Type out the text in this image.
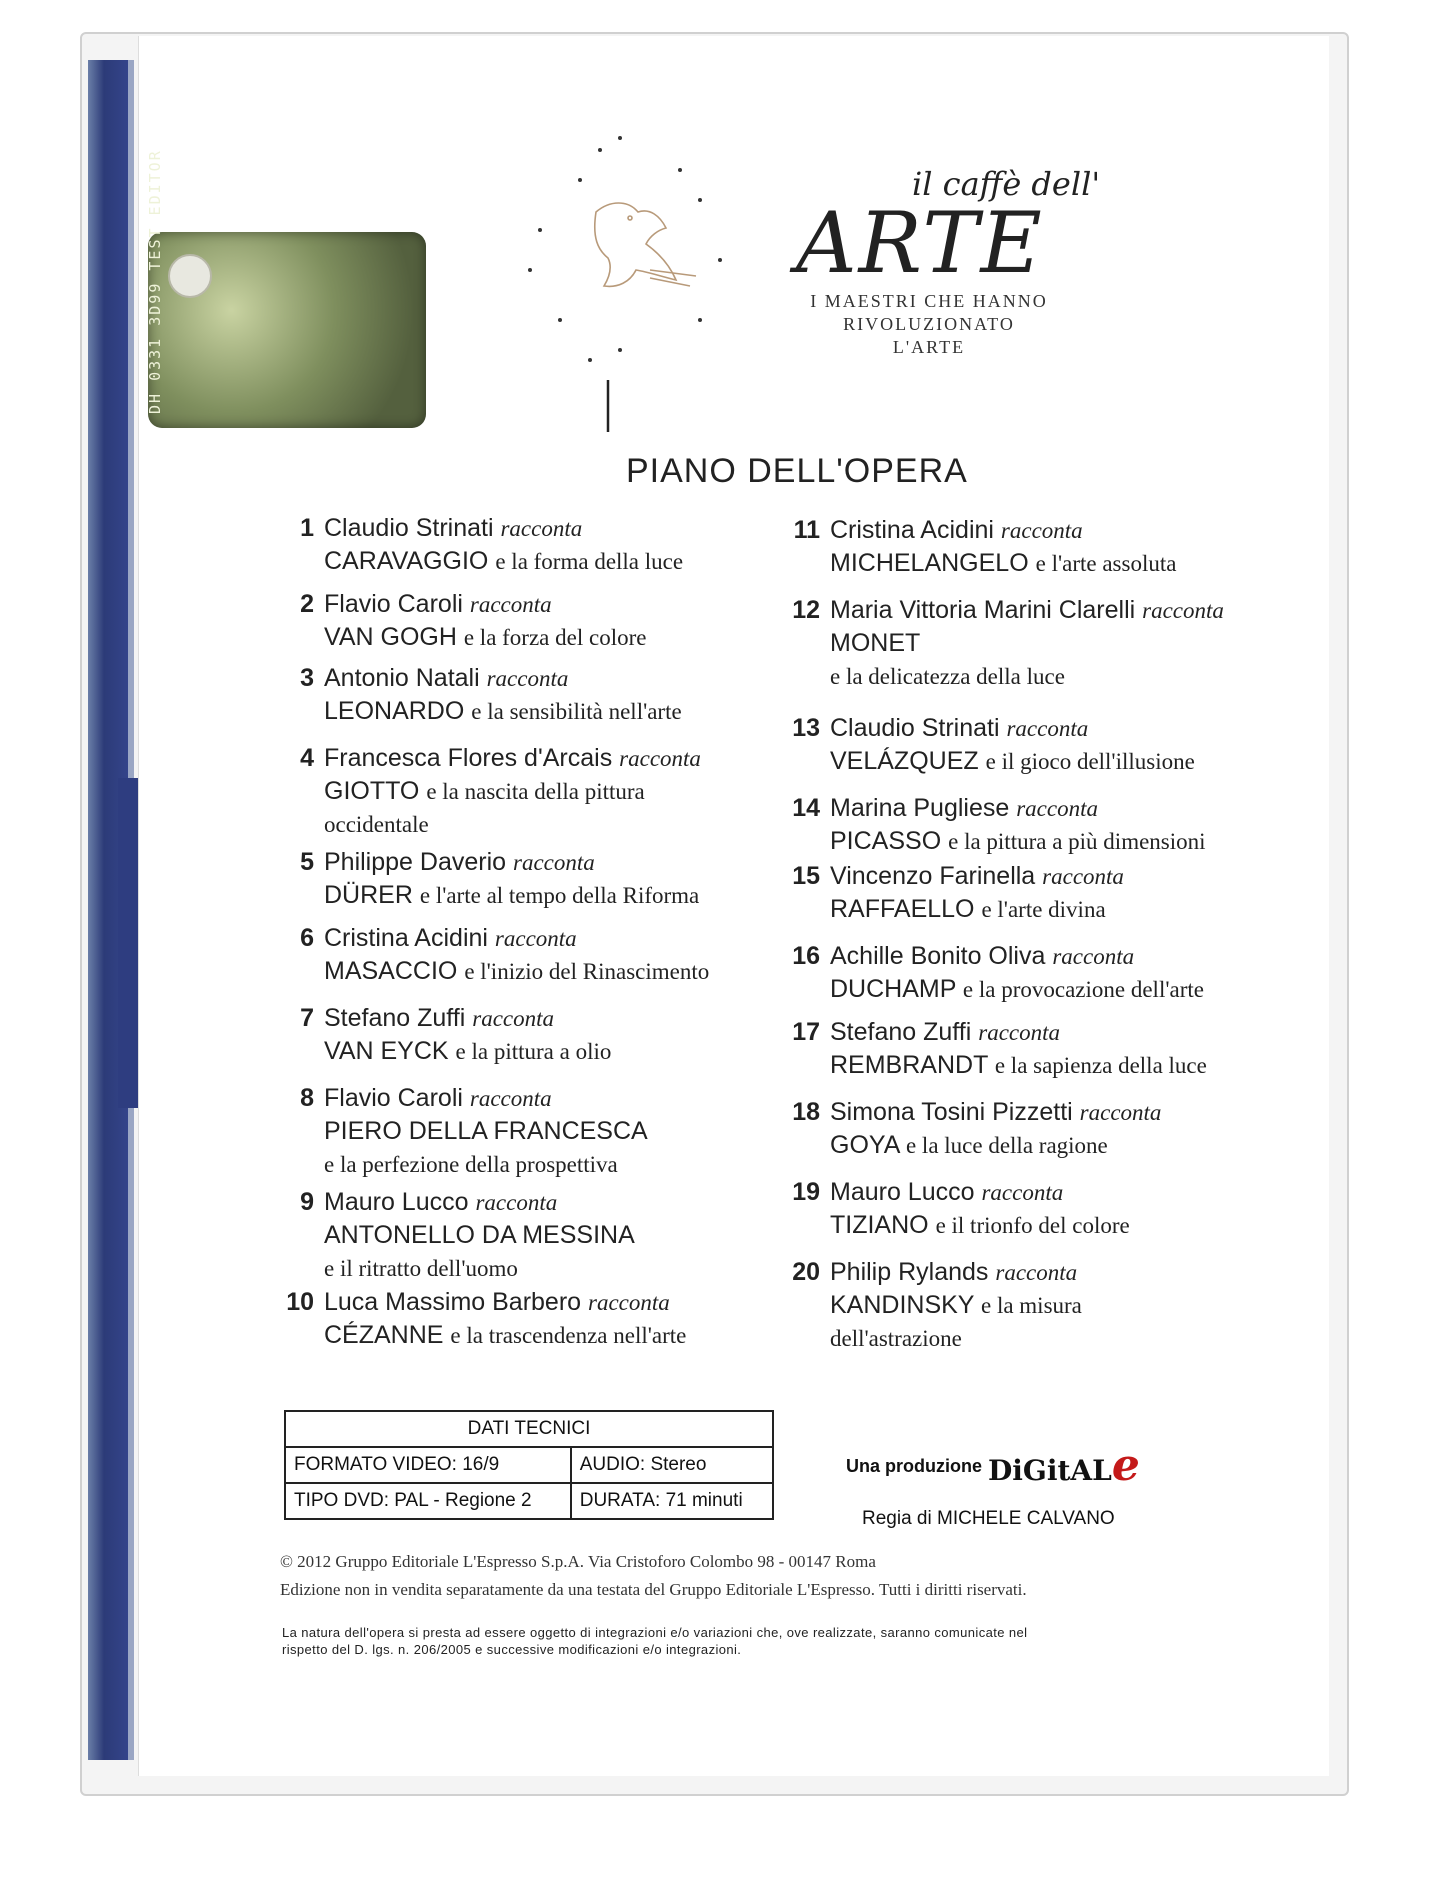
DH 0331 3D99 TEST EDITOR	il caffè dell'
ARTE
I MAESTRI CHE HANNO RIVOLUZIONATO L'ARTE
PIANO DELL'OPERA
1 Claudio Strinati racconta
CARAVAGGIO e la forma della luce
2 Flavio Caroli racconta
VAN GOGH e la forza del colore
3 Antonio Natali racconta
LEONARDO e la sensibilità nell'arte
4 Francesca Flores d'Arcais racconta
GIOTTO e la nascita della pittura
occidentale
5 Philippe Daverio racconta
DÜRER e l'arte al tempo della Riforma
6 Cristina Acidini racconta
MASACCIO e l'inizio del Rinascimento
7 Stefano Zuffi racconta
VAN EYCK e la pittura a olio
8 Flavio Caroli racconta
PIERO DELLA FRANCESCA
e la perfezione della prospettiva
9 Mauro Lucco racconta
ANTONELLO DA MESSINA
e il ritratto dell'uomo
10 Luca Massimo Barbero racconta
CÉZANNE e la trascendenza nell'arte
11 Cristina Acidini racconta
MICHELANGELO e l'arte assoluta
12 Maria Vittoria Marini Clarelli racconta
MONET
e la delicatezza della luce
13 Claudio Strinati racconta
VELÁZQUEZ e il gioco dell'illusione
14 Marina Pugliese racconta
PICASSO e la pittura a più dimensioni
15 Vincenzo Farinella racconta
RAFFAELLO e l'arte divina
16 Achille Bonito Oliva racconta
DUCHAMP e la provocazione dell'arte
17 Stefano Zuffi racconta
REMBRANDT e la sapienza della luce
18 Simona Tosini Pizzetti racconta
GOYA e la luce della ragione
19 Mauro Lucco racconta
TIZIANO e il trionfo del colore
20 Philip Rylands racconta
KANDINSKY e la misura
dell'astrazione
DATI TECNICI	
FORMATO VIDEO: 16/9	AUDIO: Stereo
TIPO DVD: PAL - Regione 2	DURATA: 71 minuti
Una produzione DiGitALe
Regia di MICHELE CALVANO
© 2012 Gruppo Editoriale L'Espresso S.p.A. Via Cristoforo Colombo 98 - 00147 Roma
Edizione non in vendita separatamente da una testata del Gruppo Editoriale L'Espresso. Tutti i diritti riservati.
La natura dell'opera si presta ad essere oggetto di integrazioni e/o variazioni che, ove realizzate, saranno comunicate nel rispetto del D. lgs. n. 206/2005 e successive modificazioni e/o integrazioni.
